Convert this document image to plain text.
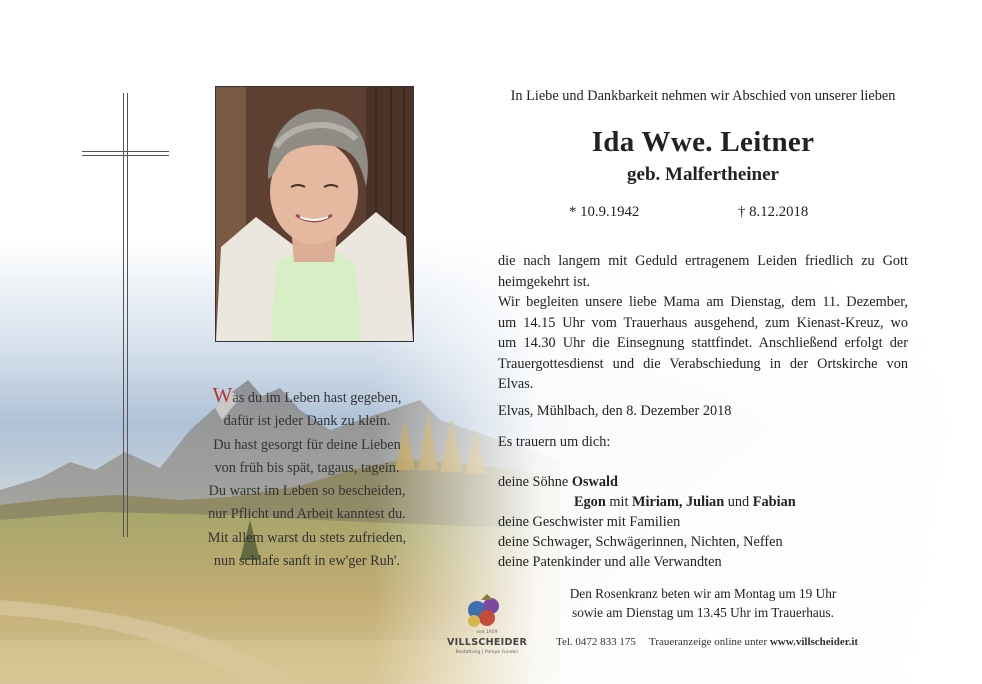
Was du im Leben hast gegeben,
dafür ist jeder Dank zu klein.
Du hast gesorgt für deine Lieben
von früh bis spät, tagaus, tagein.
Du warst im Leben so bescheiden,
nur Pflicht und Arbeit kanntest du.
Mit allem warst du stets zufrieden,
nun schlafe sanft in ew'ger Ruh'.
In Liebe und Dankbarkeit nehmen wir Abschied von unserer lieben
Ida Wwe. Leitner
geb. Malfertheiner
* 10.9.1942	† 8.12.2018
die nach langem mit Geduld ertragenem Leiden friedlich zu Gott
heimgekehrt ist.
Wir begleiten unsere liebe Mama am Dienstag, dem 11. Dezember,
um 14.15 Uhr vom Trauerhaus ausgehend, zum Kienast-Kreuz, wo
um 14.30 Uhr die Einsegnung stattfindet. Anschließend erfolgt der
Trauergottesdienst und die Verabschiedung in der Ortskirche von
Elvas.
Elvas, Mühlbach, den 8. Dezember 2018
Es trauern um dich:
deine Söhne Oswald
Egon mit Miriam, Julian und Fabian
deine Geschwister mit Familien
deine Schwager, Schwägerinnen, Nichten, Neffen
deine Patenkinder und alle Verwandten
Den Rosenkranz beten wir am Montag um 19 Uhr
sowie am Dienstag um 13.45 Uhr im Trauerhaus.
seit 1929
VILLSCHEIDER
Bestattung | Pompe Funebri
Tel. 0472 833 175 Traueranzeige online unter www.villscheider.it
